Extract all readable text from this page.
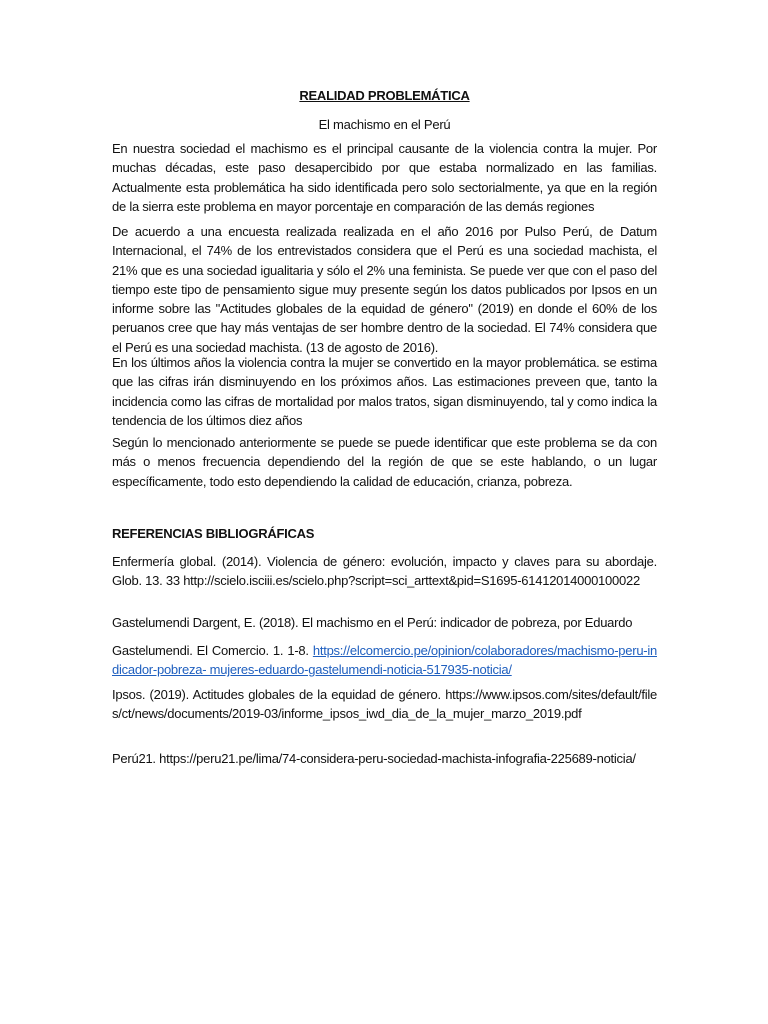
REALIDAD PROBLEMÁTICA
El machismo en el Perú

En nuestra sociedad el machismo es el principal causante de la violencia contra la mujer. Por muchas décadas, este paso desapercibido por que estaba normalizado en las familias. Actualmente esta problemática ha sido identificada pero solo sectorialmente, ya que en la región de la sierra este problema en mayor porcentaje en comparación de las demás regiones

De acuerdo a una encuesta realizada realizada en el año 2016 por Pulso Perú, de Datum Internacional, el 74% de los entrevistados considera que el Perú es una sociedad machista, el 21% que es una sociedad igualitaria y sólo el 2% una feminista. Se puede ver que con el paso del tiempo este tipo de pensamiento sigue muy presente según los datos publicados por Ipsos en un informe sobre las "Actitudes globales de la equidad de género" (2019) en donde el 60% de los peruanos cree que hay más ventajas de ser hombre dentro de la sociedad. El 74% considera que el Perú es una sociedad machista. (13 de agosto de 2016).

En los últimos años la violencia contra la mujer se convertido en la mayor problemática. se estima que las cifras irán disminuyendo en los próximos años. Las estimaciones preveen que, tanto la incidencia como las cifras de mortalidad por malos tratos, sigan disminuyendo, tal y como indica la tendencia de los últimos diez años

Según lo mencionado anteriormente se puede se puede identificar que este problema se da con más o menos frecuencia dependiendo del la región de que se este hablando, o un lugar específicamente, todo esto dependiendo la calidad de educación, crianza, pobreza.

REFERENCIAS BIBLIOGRÁFICAS

Enfermería global. (2014). Violencia de género: evolución, impacto y claves para su abordaje. Glob. 13. 33 http://scielo.isciii.es/scielo.php?script=sci_arttext&pid=S1695-61412014000100022

Gastelumendi Dargent, E. (2018). El machismo en el Perú: indicador de pobreza, por Eduardo

Gastelumendi. El Comercio. 1. 1-8. https://elcomercio.pe/opinion/colaboradores/machismo-peru-indicador-pobreza- mujeres-eduardo-gastelumendi-noticia-517935-noticia/

Ipsos. (2019). Actitudes globales de la equidad de género. https://www.ipsos.com/sites/default/files/ct/news/documents/2019-03/informe_ipsos_iwd_dia_de_la_mujer_marzo_2019.pdf

Perú21. https://peru21.pe/lima/74-considera-peru-sociedad-machista-infografia-225689-noticia/
